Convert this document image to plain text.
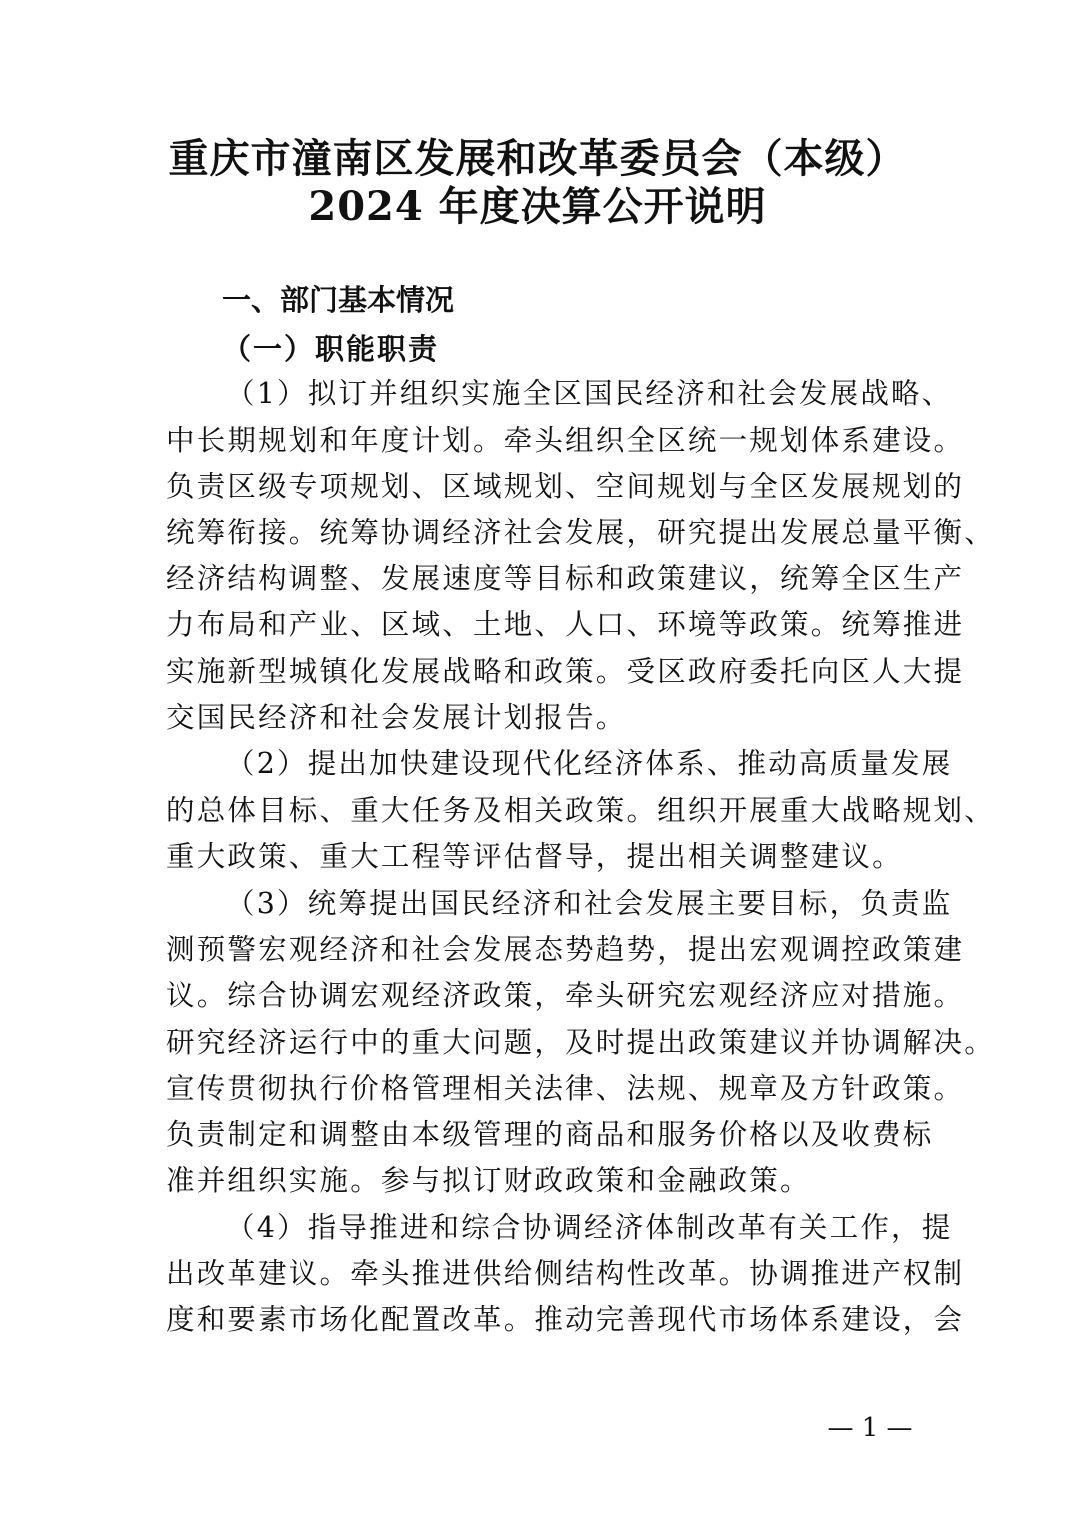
重庆市潼南区发展和改革委员会（本级）
2024 年度决算公开说明
一、部门基本情况
（一）职能职责

（1）拟订并组织实施全区国民经济和社会发展战略、

中长期规划和年度计划。牵头组织全区统一规划体系建设。

负责区级专项规划、区域规划、空间规划与全区发展规划的

统筹衔接。统筹协调经济社会发展，研究提出发展总量平衡、

经济结构调整、发展速度等目标和政策建议，统筹全区生产

力布局和产业、区域、土地、人口、环境等政策。统筹推进

实施新型城镇化发展战略和政策。受区政府委托向区人大提

交国民经济和社会发展计划报告。

（2）提出加快建设现代化经济体系、推动高质量发展

的总体目标、重大任务及相关政策。组织开展重大战略规划、

重大政策、重大工程等评估督导，提出相关调整建议。

（3）统筹提出国民经济和社会发展主要目标，负责监

测预警宏观经济和社会发展态势趋势，提出宏观调控政策建

议。综合协调宏观经济政策，牵头研究宏观经济应对措施。

研究经济运行中的重大问题，及时提出政策建议并协调解决。

宣传贯彻执行价格管理相关法律、法规、规章及方针政策。

负责制定和调整由本级管理的商品和服务价格以及收费标

准并组织实施。参与拟订财政政策和金融政策。

（4）指导推进和综合协调经济体制改革有关工作，提

出改革建议。牵头推进供给侧结构性改革。协调推进产权制

度和要素市场化配置改革。推动完善现代市场体系建设，会

— 1 —
